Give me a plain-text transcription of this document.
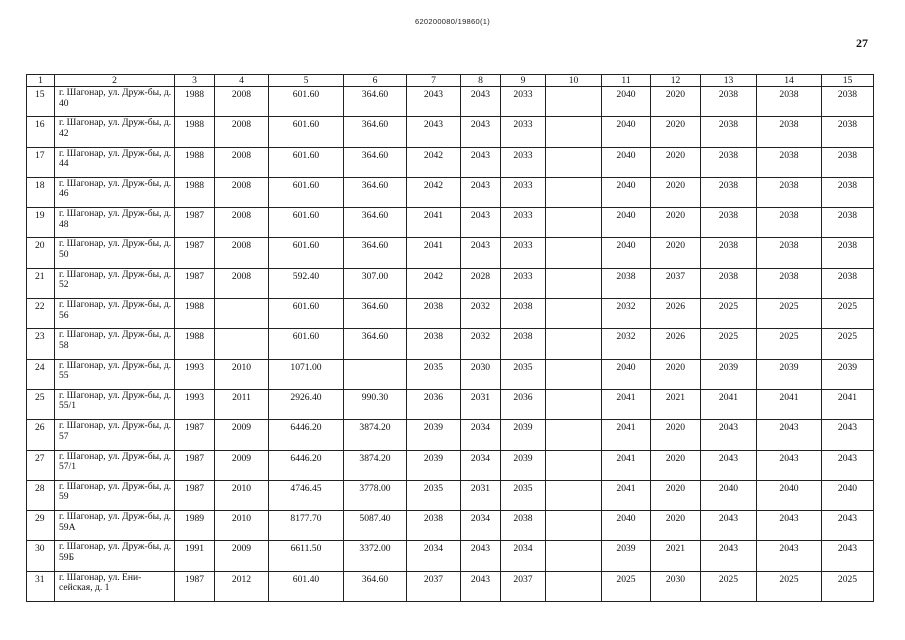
620200080/19860(1)
27
1	2	3	4	5	6	7	8	9	10	11	12	13	14	15
15	г. Шагонар, ул. Друж-бы, д. 40	1988	2008	601.60	364.60	2043	2043	2033		2040	2020	2038	2038	2038
16	г. Шагонар, ул. Друж-бы, д. 42	1988	2008	601.60	364.60	2043	2043	2033		2040	2020	2038	2038	2038
17	г. Шагонар, ул. Друж-бы, д. 44	1988	2008	601.60	364.60	2042	2043	2033		2040	2020	2038	2038	2038
18	г. Шагонар, ул. Друж-бы, д. 46	1988	2008	601.60	364.60	2042	2043	2033		2040	2020	2038	2038	2038
19	г. Шагонар, ул. Друж-бы, д. 48	1987	2008	601.60	364.60	2041	2043	2033		2040	2020	2038	2038	2038
20	г. Шагонар, ул. Друж-бы, д. 50	1987	2008	601.60	364.60	2041	2043	2033		2040	2020	2038	2038	2038
21	г. Шагонар, ул. Друж-бы, д. 52	1987	2008	592.40	307.00	2042	2028	2033		2038	2037	2038	2038	2038
22	г. Шагонар, ул. Друж-бы, д. 56	1988		601.60	364.60	2038	2032	2038		2032	2026	2025	2025	2025
23	г. Шагонар, ул. Друж-бы, д. 58	1988		601.60	364.60	2038	2032	2038		2032	2026	2025	2025	2025
24	г. Шагонар, ул. Друж-бы, д. 55	1993	2010	1071.00		2035	2030	2035		2040	2020	2039	2039	2039
25	г. Шагонар, ул. Друж-бы, д. 55/1	1993	2011	2926.40	990.30	2036	2031	2036		2041	2021	2041	2041	2041
26	г. Шагонар, ул. Друж-бы, д. 57	1987	2009	6446.20	3874.20	2039	2034	2039		2041	2020	2043	2043	2043
27	г. Шагонар, ул. Друж-бы, д. 57/1	1987	2009	6446.20	3874.20	2039	2034	2039		2041	2020	2043	2043	2043
28	г. Шагонар, ул. Друж-бы, д. 59	1987	2010	4746.45	3778.00	2035	2031	2035		2041	2020	2040	2040	2040
29	г. Шагонар, ул. Друж-бы, д. 59А	1989	2010	8177.70	5087.40	2038	2034	2038		2040	2020	2043	2043	2043
30	г. Шагонар, ул. Друж-бы, д. 59Б	1991	2009	6611.50	3372.00	2034	2043	2034		2039	2021	2043	2043	2043
31	г. Шагонар, ул. Ени-сейская, д. 1	1987	2012	601.40	364.60	2037	2043	2037		2025	2030	2025	2025	2025
